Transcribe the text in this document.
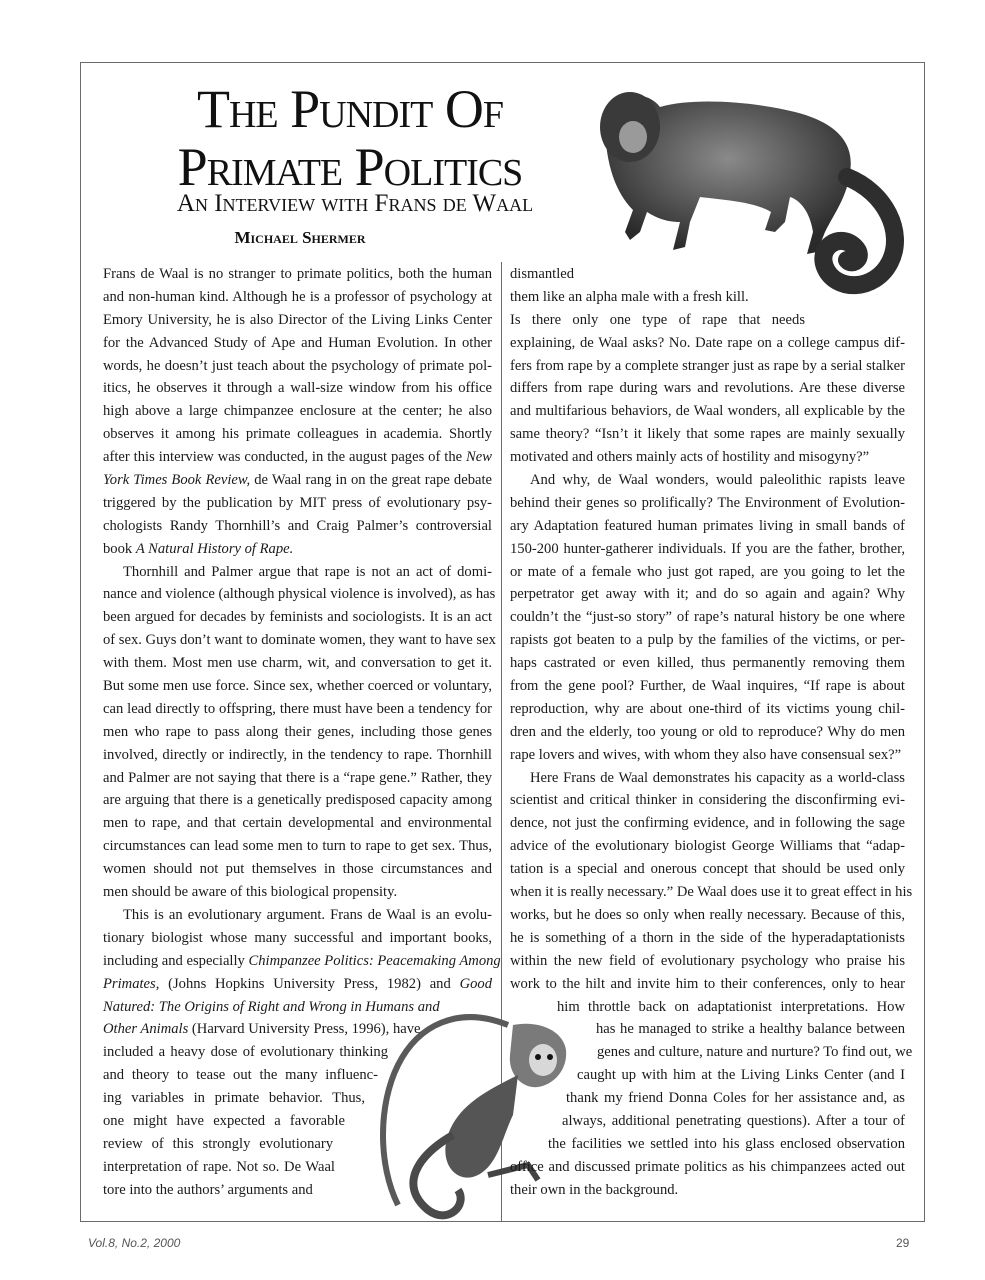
The Pundit Of
Primate Politics
An Interview with Frans de Waal
Michael Shermer
Frans de Waal is no stranger to primate politics, both the human
and non-human kind. Although he is a professor of psychology at
Emory University, he is also Director of the Living Links Center
for the Advanced Study of Ape and Human Evolution. In other
words, he doesn’t just teach about the psychology of primate pol-
itics, he observes it through a wall-size window from his office
high above a large chimpanzee enclosure at the center; he also
observes it among his primate colleagues in academia. Shortly
after this interview was conducted, in the august pages of the New
York Times Book Review, de Waal rang in on the great rape debate
triggered by the publication by MIT press of evolutionary psy-
chologists Randy Thornhill’s and Craig Palmer’s controversial
book A Natural History of Rape.
Thornhill and Palmer argue that rape is not an act of domi-
nance and violence (although physical violence is involved), as has
been argued for decades by feminists and sociologists. It is an act
of sex. Guys don’t want to dominate women, they want to have sex
with them. Most men use charm, wit, and conversation to get it.
But some men use force. Since sex, whether coerced or voluntary,
can lead directly to offspring, there must have been a tendency for
men who rape to pass along their genes, including those genes
involved, directly or indirectly, in the tendency to rape. Thornhill
and Palmer are not saying that there is a “rape gene.” Rather, they
are arguing that there is a genetically predisposed capacity among
men to rape, and that certain developmental and environmental
circumstances can lead some men to turn to rape to get sex. Thus,
women should not put themselves in those circumstances and
men should be aware of this biological propensity.
This is an evolutionary argument. Frans de Waal is an evolu-
tionary biologist whose many successful and important books,
including and especially Chimpanzee Politics: Peacemaking Among
Primates, (Johns Hopkins University Press, 1982) and Good
Natured: The Origins of Right and Wrong in Humans and
Other Animals (Harvard University Press, 1996), have
included a heavy dose of evolutionary thinking
and theory to tease out the many influenc-
ing variables in primate behavior. Thus,
one might have expected a favorable
review of this strongly evolutionary
interpretation of rape. Not so. De Waal
tore into the authors’ arguments and
dismantled
them like an alpha male with a fresh kill.
Is there only one type of rape that needs
explaining, de Waal asks? No. Date rape on a college campus dif-
fers from rape by a complete stranger just as rape by a serial stalker
differs from rape during wars and revolutions. Are these diverse
and multifarious behaviors, de Waal wonders, all explicable by the
same theory? “Isn’t it likely that some rapes are mainly sexually
motivated and others mainly acts of hostility and misogyny?”
And why, de Waal wonders, would paleolithic rapists leave
behind their genes so prolifically? The Environment of Evolution-
ary Adaptation featured human primates living in small bands of
150-200 hunter-gatherer individuals. If you are the father, brother,
or mate of a female who just got raped, are you going to let the
perpetrator get away with it; and do so again and again? Why
couldn’t the “just-so story” of rape’s natural history be one where
rapists got beaten to a pulp by the families of the victims, or per-
haps castrated or even killed, thus permanently removing them
from the gene pool? Further, de Waal inquires, “If rape is about
reproduction, why are about one-third of its victims young chil-
dren and the elderly, too young or old to reproduce? Why do men
rape lovers and wives, with whom they also have consensual sex?”
Here Frans de Waal demonstrates his capacity as a world-class
scientist and critical thinker in considering the disconfirming evi-
dence, not just the confirming evidence, and in following the sage
advice of the evolutionary biologist George Williams that “adap-
tation is a special and onerous concept that should be used only
when it is really necessary.” De Waal does use it to great effect in his
works, but he does so only when really necessary. Because of this,
he is something of a thorn in the side of the hyperadaptationists
within the new field of evolutionary psychology who praise his
work to the hilt and invite him to their conferences, only to hear
him throttle back on adaptationist interpretations. How
has he managed to strike a healthy balance between
genes and culture, nature and nurture? To find out, we
caught up with him at the Living Links Center (and I
thank my friend Donna Coles for her assistance and, as
always, additional penetrating questions). After a tour of
the facilities we settled into his glass enclosed observation
office and discussed primate politics as his chimpanzees acted out
their own in the background.
Vol.8, No.2, 2000	29
